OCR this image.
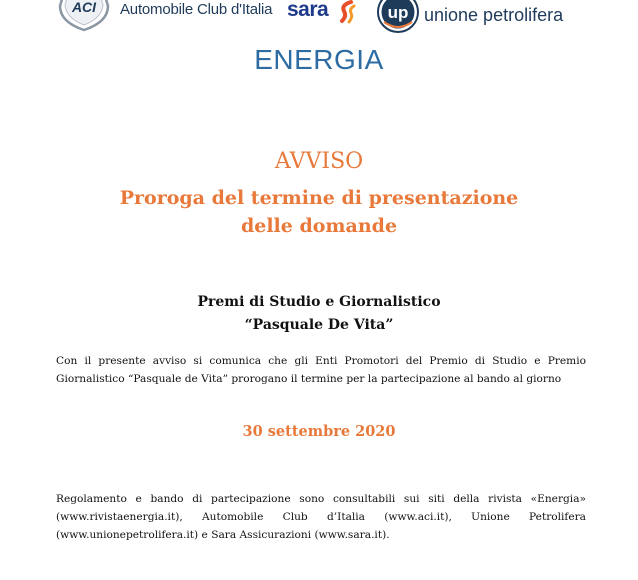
ACI Automobile Club d'Italia sara	up unione petrolifera
ENERGIA
AVVISO
Proroga del termine di presentazione
delle domande
Premi di Studio e Giornalistico
“Pasquale De Vita”
Con il presente avviso si comunica che gli Enti Promotori del Premio di Studio e Premio Giornalistico “Pasquale de Vita” prorogano il termine per la partecipazione al bando al giorno
30 settembre 2020
Regolamento e bando di partecipazione sono consultabili sui siti della rivista «Energia» (www.rivistaenergia.it), Automobile Club d’Italia (www.aci.it), Unione Petrolifera (www.unionepetrolifera.it) e Sara Assicurazioni (www.sara.it).
